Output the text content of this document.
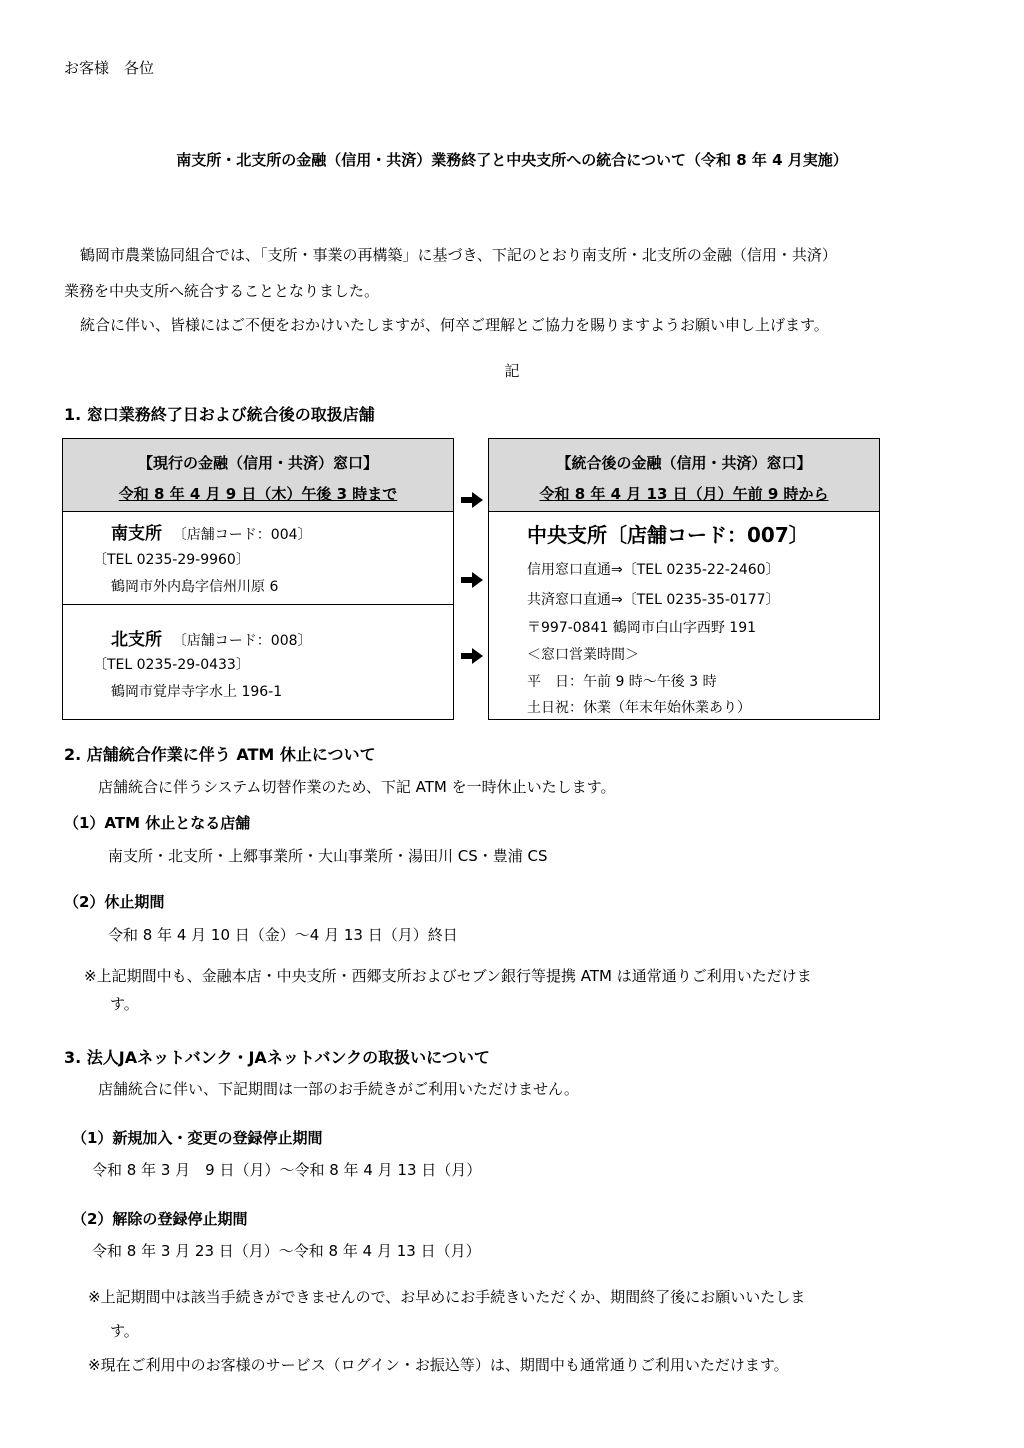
お客様　各位
南支所・北支所の金融（信用・共済）業務終了と中央支所への統合について（令和 8 年 4 月実施）
鶴岡市農業協同組合では、「支所・事業の再構築」に基づき、下記のとおり南支所・北支所の金融（信用・共済）
業務を中央支所へ統合することとなりました。
統合に伴い、皆様にはご不便をおかけいたしますが、何卒ご理解とご協力を賜りますようお願い申し上げます。
記
1. 窓口業務終了日および統合後の取扱店舗
【現行の金融（信用・共済）窓口】
令和 8 年 4 月 9 日（木）午後 3 時まで
南支所 〔店舗コード：004〕
〔TEL 0235-29-9960〕
鶴岡市外内島字信州川原 6
北支所 〔店舗コード：008〕
〔TEL 0235-29-0433〕
鶴岡市覚岸寺字水上 196-1
【統合後の金融（信用・共済）窓口】
令和 8 年 4 月 13 日（月）午前 9 時から
中央支所〔店舗コード：007〕
信用窓口直通⇒〔TEL 0235-22-2460〕
共済窓口直通⇒〔TEL 0235-35-0177〕
〒997-0841 鶴岡市白山字西野 191
＜窓口営業時間＞
平　日：午前 9 時～午後 3 時
土日祝：休業（年末年始休業あり）
2. 店舗統合作業に伴う ATM 休止について
店舗統合に伴うシステム切替作業のため、下記 ATM を一時休止いたします。
（1）ATM 休止となる店舗
南支所・北支所・上郷事業所・大山事業所・湯田川 CS・豊浦 CS
（2）休止期間
令和 8 年 4 月 10 日（金）～4 月 13 日（月）終日
※上記期間中も、金融本店・中央支所・西郷支所およびセブン銀行等提携 ATM は通常通りご利用いただけま
す。
3. 法人JAネットバンク・JAネットバンクの取扱いについて
店舗統合に伴い、下記期間は一部のお手続きがご利用いただけません。
（1）新規加入・変更の登録停止期間
令和 8 年 3 月　9 日（月）～令和 8 年 4 月 13 日（月）
（2）解除の登録停止期間
令和 8 年 3 月 23 日（月）～令和 8 年 4 月 13 日（月）
※上記期間中は該当手続きができませんので、お早めにお手続きいただくか、期間終了後にお願いいたしま
す。
※現在ご利用中のお客様のサービス（ログイン・お振込等）は、期間中も通常通りご利用いただけます。
